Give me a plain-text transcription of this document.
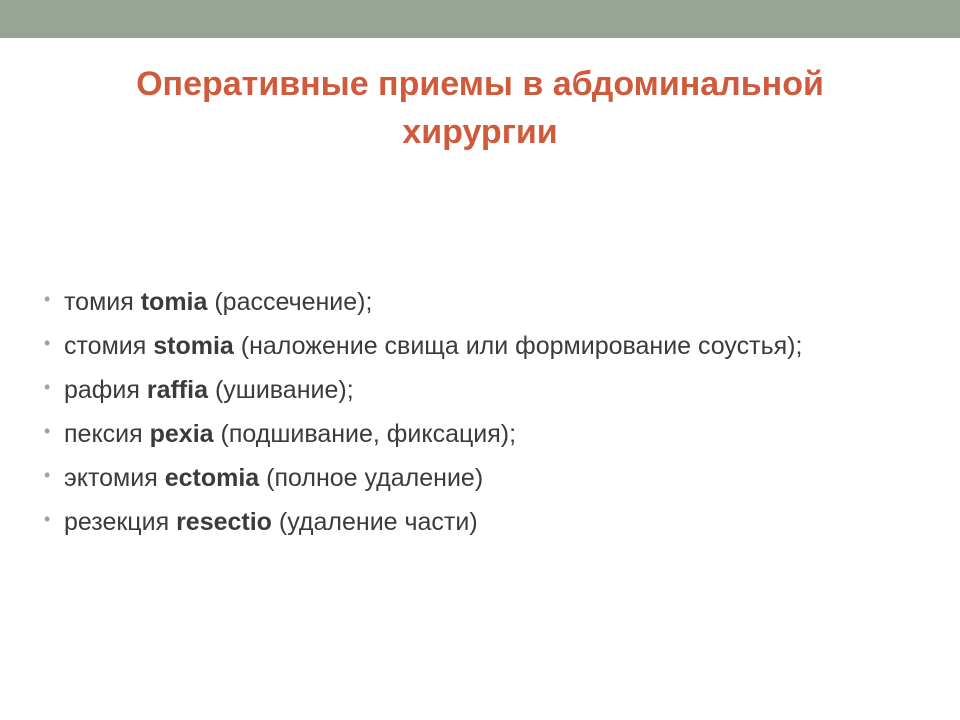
Оперативные приемы в абдоминальной хирургии
• томия tomia (рассечение);
• стомия stomia (наложение свища или формирование соустья);
• рафия raffia (ушивание);
• пексия pexia (подшивание, фиксация);
• эктомия ectomia (полное удаление)
• резекция resectio (удаление части)
